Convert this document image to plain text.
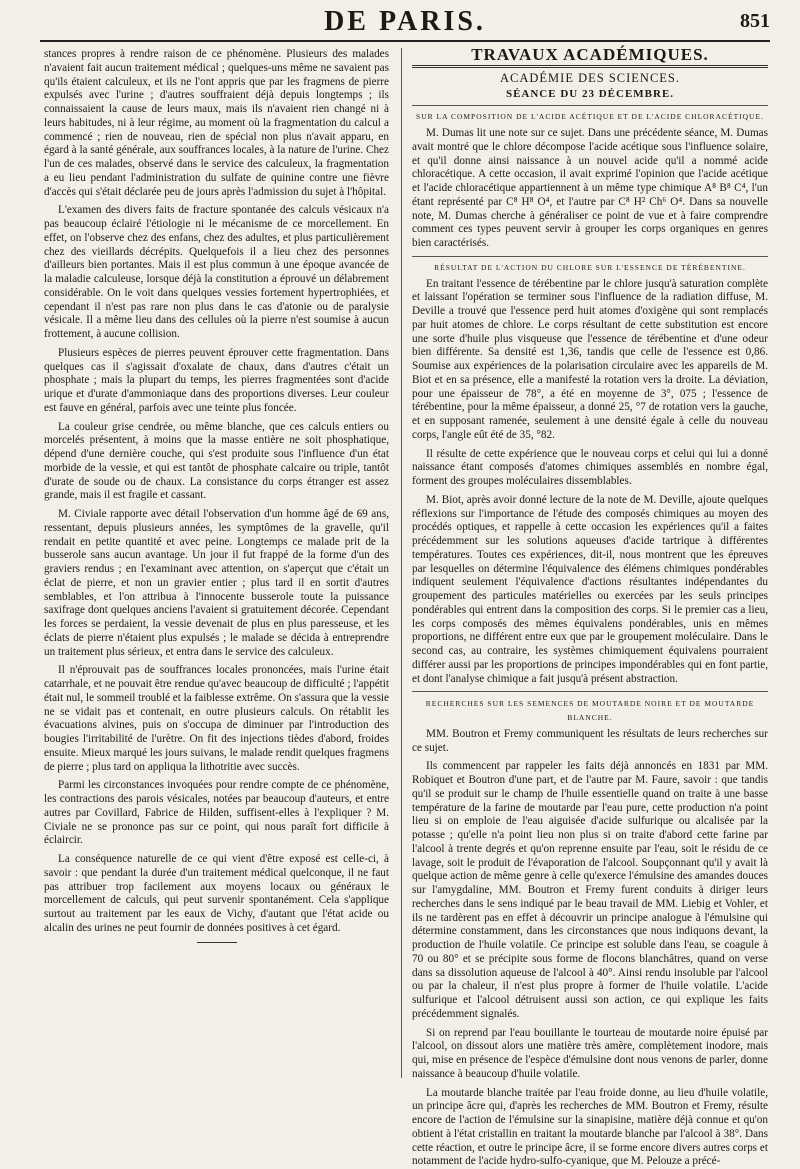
DE PARIS.	851

stances propres à rendre raison de ce phénomène. Plusieurs des malades n'avaient fait aucun traitement médical ; quelques-uns même ne savaient pas qu'ils étaient calculeux, et ils ne l'ont appris que par les fragmens de pierre expulsés avec l'urine ; d'autres souffraient déjà depuis longtemps ; ils connaissaient la cause de leurs maux, mais ils n'avaient rien changé ni à leurs habitudes, ni à leur régime, au moment où la fragmentation du calcul a commencé ; rien de nouveau, rien de spécial non plus n'avait apparu, en égard à la santé générale, aux souffrances locales, à la nature de l'urine. Chez l'un de ces malades, observé dans le service des calculeux, la fragmentation a eu lieu pendant l'administration du sulfate de quinine contre une fièvre d'accès qui s'était déclarée peu de jours après l'admission du sujet à l'hôpital.

L'examen des divers faits de fracture spontanée des calculs vésicaux n'a pas beaucoup éclairé l'étiologie ni le mécanisme de ce morcellement. En effet, on l'observe chez des enfans, chez des adultes, et plus particulièrement chez des vieillards décrépits. Quelquefois il a lieu chez des personnes d'ailleurs bien portantes. Mais il est plus commun à une époque avancée de la maladie calculeuse, lorsque déjà la constitution a éprouvé un délabrement considérable. On le voit dans quelques vessies fortement hypertrophiées, et cependant il n'est pas rare non plus dans le cas d'atonie ou de paralysie vésicale. Il a même lieu dans des cellules où la pierre n'est soumise à aucun frottement, à aucune collision.

Plusieurs espèces de pierres peuvent éprouver cette fragmentation. Dans quelques cas il s'agissait d'oxalate de chaux, dans d'autres c'était un phosphate ; mais la plupart du temps, les pierres fragmentées sont d'acide urique et d'urate d'ammoniaque dans des proportions diverses. Leur couleur est fauve en général, parfois avec une teinte plus foncée.

La couleur grise cendrée, ou même blanche, que ces calculs entiers ou morcelés présentent, à moins que la masse entière ne soit phosphatique, dépend d'une dernière couche, qui s'est produite sous l'influence d'un état morbide de la vessie, et qui est tantôt de phosphate calcaire ou triple, tantôt d'urate de soude ou de chaux. La consistance du corps étranger est assez grande, mais il est fragile et cassant.

M. Civiale rapporte avec détail l'observation d'un homme âgé de 69 ans, ressentant, depuis plusieurs années, les symptômes de la gravelle, qu'il rendait en petite quantité et avec peine. Longtemps ce malade prit de la busserole sans aucun avantage. Un jour il fut frappé de la forme d'un des graviers rendus ; en l'examinant avec attention, on s'aperçut que c'était un éclat de pierre, et non un gravier entier ; plus tard il en sortit d'autres semblables, et l'on attribua à l'innocente busserole toute la puissance saxifrage dont quelques anciens l'avaient si gratuitement décorée. Cependant les forces se perdaient, la vessie devenait de plus en plus paresseuse, et les éclats de pierre n'étaient plus expulsés ; le malade se décida à entreprendre un traitement plus sérieux, et entra dans le service des calculeux.

Il n'éprouvait pas de souffrances locales prononcées, mais l'urine était catarrhale, et ne pouvait être rendue qu'avec beaucoup de difficulté ; l'appétit était nul, le sommeil troublé et la faiblesse extrême. On s'assura que la vessie ne se vidait pas et contenait, en outre plusieurs calculs. On rétablit les évacuations alvines, puis on s'occupa de diminuer par l'introduction des bougies l'irritabilité de l'urètre. On fit des injections tièdes d'abord, froides ensuite. Mieux marqué les jours suivans, le malade rendit quelques fragmens de pierre ; plus tard on appliqua la lithotritie avec succès.

Parmi les circonstances invoquées pour rendre compte de ce phénomène, les contractions des parois vésicales, notées par beaucoup d'auteurs, et entre autres par Covillard, Fabrice de Hilden, suffisent-elles à l'expliquer ? M. Civiale ne se prononce pas sur ce point, qui nous paraît fort difficile à éclaircir.

La conséquence naturelle de ce qui vient d'être exposé est celle-ci, à savoir : que pendant la durée d'un traitement médical quelconque, il ne faut pas attribuer trop facilement aux moyens locaux ou généraux le morcellement de calculs, qui peut survenir spontanément. Cela s'applique surtout au traitement par les eaux de Vichy, d'autant que l'état acide ou alcalin des urines ne peut fournir de données positives à cet égard.

TRAVAUX ACADÉMIQUES.
ACADÉMIE DES SCIENCES.
SÉANCE DU 23 DÉCEMBRE.
SUR LA COMPOSITION DE L'ACIDE ACÉTIQUE ET DE L'ACIDE CHLORACÉTIQUE.

M. Dumas lit une note sur ce sujet. Dans une précédente séance, M. Dumas avait montré que le chlore décompose l'acide acétique sous l'influence solaire, et qu'il donne ainsi naissance à un nouvel acide qu'il a nommé acide chloracétique. A cette occasion, il avait exprimé l'opinion que l'acide acétique et l'acide chloracétique appartiennent à un même type chimique A⁸ B⁸ C⁴, l'un étant représenté par C⁸ H⁸ O⁴, et l'autre par C⁸ H² Ch⁶ O⁴. Dans sa nouvelle note, M. Dumas cherche à généraliser ce point de vue et à faire comprendre comment ces types peuvent servir à grouper les corps organiques en genres bien caractérisés.

RÉSULTAT DE L'ACTION DU CHLORE SUR L'ESSENCE DE TÉRÉBENTINE.

En traitant l'essence de térébentine par le chlore jusqu'à saturation complète et laissant l'opération se terminer sous l'influence de la radiation diffuse, M. Deville a trouvé que l'essence perd huit atomes d'oxigène qui sont remplacés par huit atomes de chlore. Le corps résultant de cette substitution est encore une sorte d'huile plus visqueuse que l'essence de térébentine et d'une odeur bien différente. Sa densité est 1,36, tandis que celle de l'essence est 0,86. Soumise aux expériences de la polarisation circulaire avec les appareils de M. Biot et en sa présence, elle a manifesté la rotation vers la droite. La déviation, pour une épaisseur de 78°, a été en moyenne de 3°, 075 ; l'essence de térébentine, pour la même épaisseur, a donné 25, °7 de rotation vers la gauche, et en supposant ramenée, seulement à une densité égale à celle du nouveau corps, l'angle eût été de 35, °82.

Il résulte de cette expérience que le nouveau corps et celui qui lui a donné naissance étant composés d'atomes chimiques assemblés en nombre égal, forment des groupes moléculaires dissemblables.

M. Biot, après avoir donné lecture de la note de M. Deville, ajoute quelques réflexions sur l'importance de l'étude des composés chimiques au moyen des procédés optiques, et rappelle à cette occasion les expériences qu'il a faites précédemment sur les solutions aqueuses d'acide tartrique à différentes températures. Toutes ces expériences, dit-il, nous montrent que les épreuves par lesquelles on détermine l'équivalence des élémens chimiques pondérables indiquent seulement l'équivalence d'actions résultantes indépendantes du groupement des particules matérielles ou exercées par les seuls principes pondérables qui entrent dans la composition des corps. Si le premier cas a lieu, les corps composés des mêmes équivalens pondérables, unis en mêmes proportions, ne différent entre eux que par le groupement moléculaire. Dans le second cas, au contraire, les systèmes chimiquement équivalens pourraient différer aussi par les proportions de principes impondérables qui en font partie, et dont l'analyse chimique a fait jusqu'à présent abstraction.

RECHERCHES SUR LES SEMENCES DE MOUTARDE NOIRE ET DE MOUTARDE BLANCHE.

MM. Boutron et Fremy communiquent les résultats de leurs recherches sur ce sujet.

Ils commencent par rappeler les faits déjà annoncés en 1831 par MM. Robiquet et Boutron d'une part, et de l'autre par M. Faure, savoir : que tandis qu'il se produit sur le champ de l'huile essentielle quand on traite à une basse température de la farine de moutarde par l'eau pure, cette production n'a point lieu si on emploie de l'eau aiguisée d'acide sulfurique ou alcalisée par la potasse ; qu'elle n'a point lieu non plus si on traite d'abord cette farine par l'alcool à trente degrés et qu'on reprenne ensuite par l'eau, soit le résidu de ce lavage, soit le produit de l'évaporation de l'alcool. Soupçonnant qu'il y avait là quelque action de même genre à celle qu'exerce l'émulsine des amandes douces sur l'amygdaline, MM. Boutron et Fremy furent conduits à diriger leurs recherches dans le sens indiqué par le beau travail de MM. Liebig et Vohler, et ils ne tardèrent pas en effet à découvrir un principe analogue à l'émulsine qui détermine constamment, dans les circonstances que nous indiquons devant, la production de l'huile volatile. Ce principe est soluble dans l'eau, se coagule à 70 ou 80° et se précipite sous forme de flocons blanchâtres, quand on verse dans sa dissolution aqueuse de l'alcool à 40°. Ainsi rendu insoluble par l'alcool ou par la chaleur, il n'est plus propre à former de l'huile volatile. L'acide sulfurique et l'alcool détruisent aussi son action, ce qui explique les faits précédemment signalés.

Si on reprend par l'eau bouillante le tourteau de moutarde noire épuisé par l'alcool, on dissout alors une matière très amère, complètement inodore, mais qui, mise en présence de l'espèce d'émulsine dont nous venons de parler, donne naissance à beaucoup d'huile volatile.

La moutarde blanche traitée par l'eau froide donne, au lieu d'huile volatile, un principe âcre qui, d'après les recherches de MM. Boutron et Fremy, résulte encore de l'action de l'émulsine sur la sinapisine, matière déjà connue et qu'on obtient à l'état cristallin en traitant la moutarde blanche par l'alcool à 38°. Dans cette réaction, et outre le principe âcre, il se forme encore divers autres corps et notamment de l'acide hydro-sulfo-cyanique, que M. Pelouze a précé-
